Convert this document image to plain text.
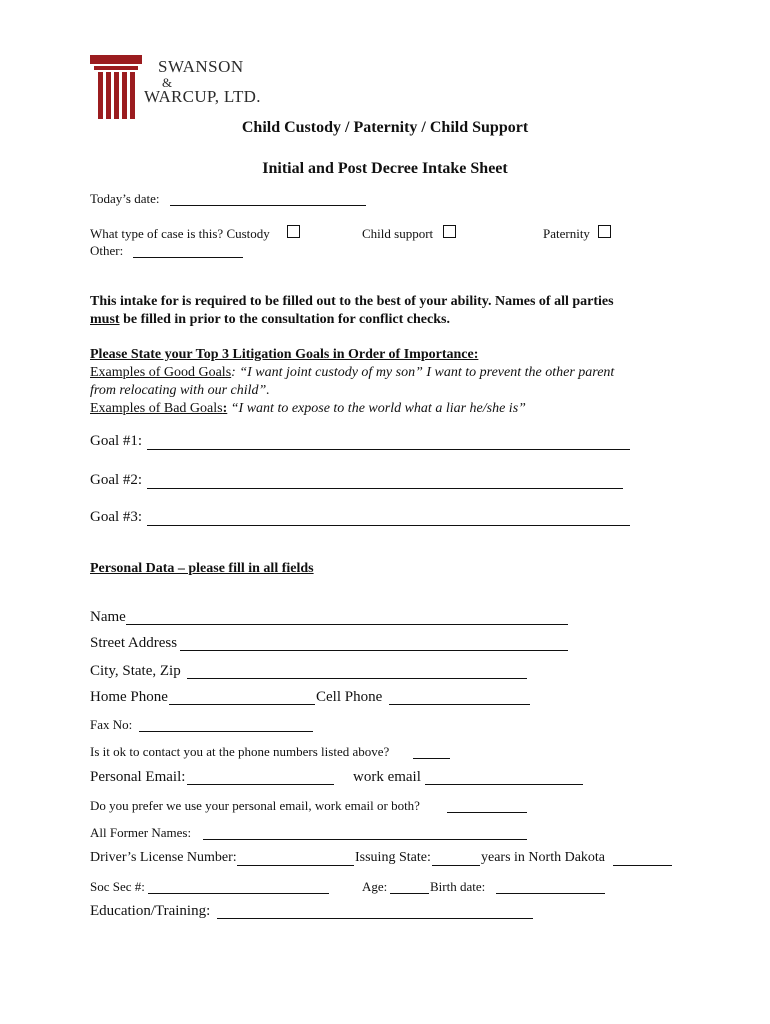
SWANSON
&
WARCUP, LTD.
Child Custody / Paternity / Child Support
Initial and Post Decree Intake Sheet
Today’s date:
What type of case is this? Custody	Child support	Paternity
Other:
This intake for is required to be filled out to the best of your ability. Names of all parties
must be filled in prior to the consultation for conflict checks.
Please State your Top 3 Litigation Goals in Order of Importance:
Examples of Good Goals: “I want joint custody of my son” I want to prevent the other parent
from relocating with our child”.
Examples of Bad Goals: “I want to expose to the world what a liar he/she is”
Goal #1:
Goal #2:
Goal #3:
Personal Data – please fill in all fields
Name
Street Address
City, State, Zip
Home Phone	Cell Phone
Fax No:
Is it ok to contact you at the phone numbers listed above?
Personal Email:	work email
Do you prefer we use your personal email, work email or both?
All Former Names:
Driver’s License Number:	Issuing State:	years in North Dakota
Soc Sec #:	Age:	Birth date:
Education/Training:
